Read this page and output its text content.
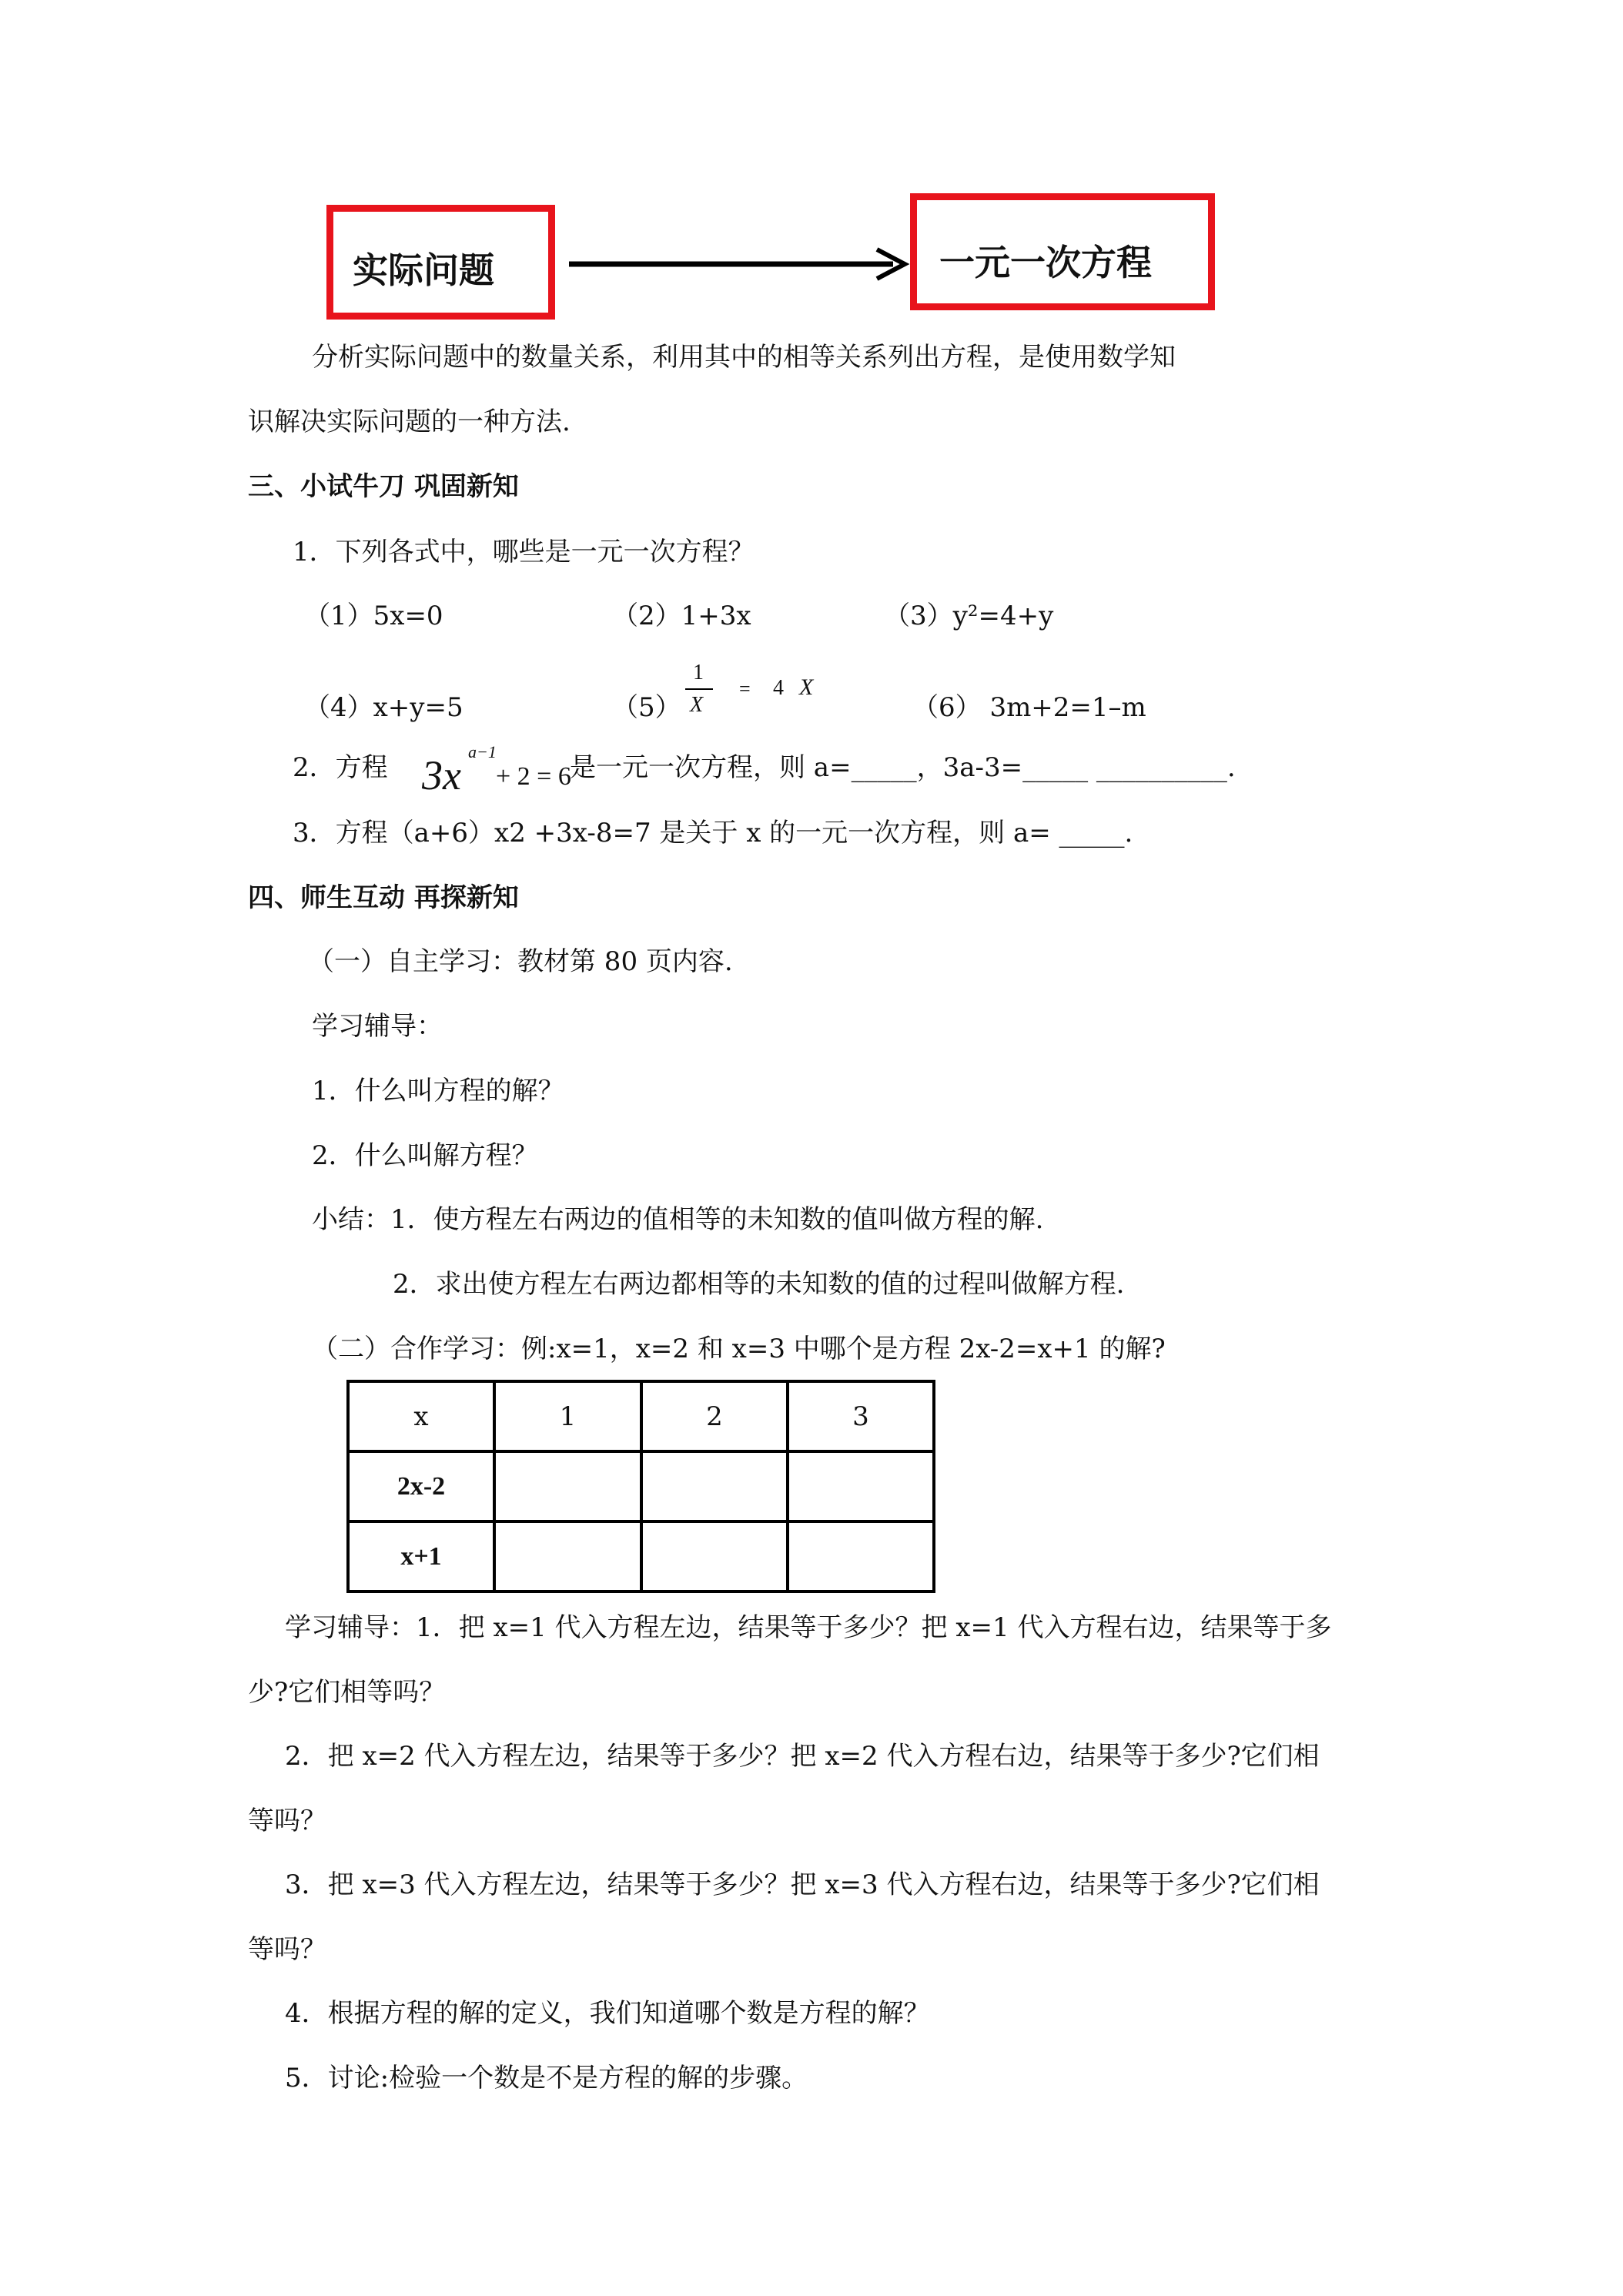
实际问题	一元一次方程
分析实际问题中的数量关系，利用其中的相等关系列出方程，是使用数学知
识解决实际问题的一种方法.
三、小试牛刀 巩固新知
1．下列各式中，哪些是一元一次方程？
（1）5x=0	（2）1+3x	（3）y²=4+y
（4）x+y=5	（5）
1
X
= 4 X
（6） 3m+2=1–m
2．方程 3x
a−1
+ 2 = 6
是一元一次方程，则 a=_____，3a-3=_____ __________.
3．方程（a+6）x2 +3x-8=7 是关于 x 的一元一次方程，则 a= _____.
四、师生互动 再探新知
（一）自主学习：教材第 80 页内容.
学习辅导：
1．什么叫方程的解？
2．什么叫解方程？
小结：1．使方程左右两边的值相等的未知数的值叫做方程的解.
2．求出使方程左右两边都相等的未知数的值的过程叫做解方程.
（二）合作学习：例:x=1，x=2 和 x=3 中哪个是方程 2x-2=x+1 的解?
x	1	2	3
2x-2			
x+1			
学习辅导：1．把 x=1 代入方程左边，结果等于多少？把 x=1 代入方程右边，结果等于多
少?它们相等吗？
2．把 x=2 代入方程左边，结果等于多少？把 x=2 代入方程右边，结果等于多少?它们相
等吗？
3．把 x=3 代入方程左边，结果等于多少？把 x=3 代入方程右边，结果等于多少?它们相
等吗？
4．根据方程的解的定义，我们知道哪个数是方程的解？
5．讨论:检验一个数是不是方程的解的步骤。
